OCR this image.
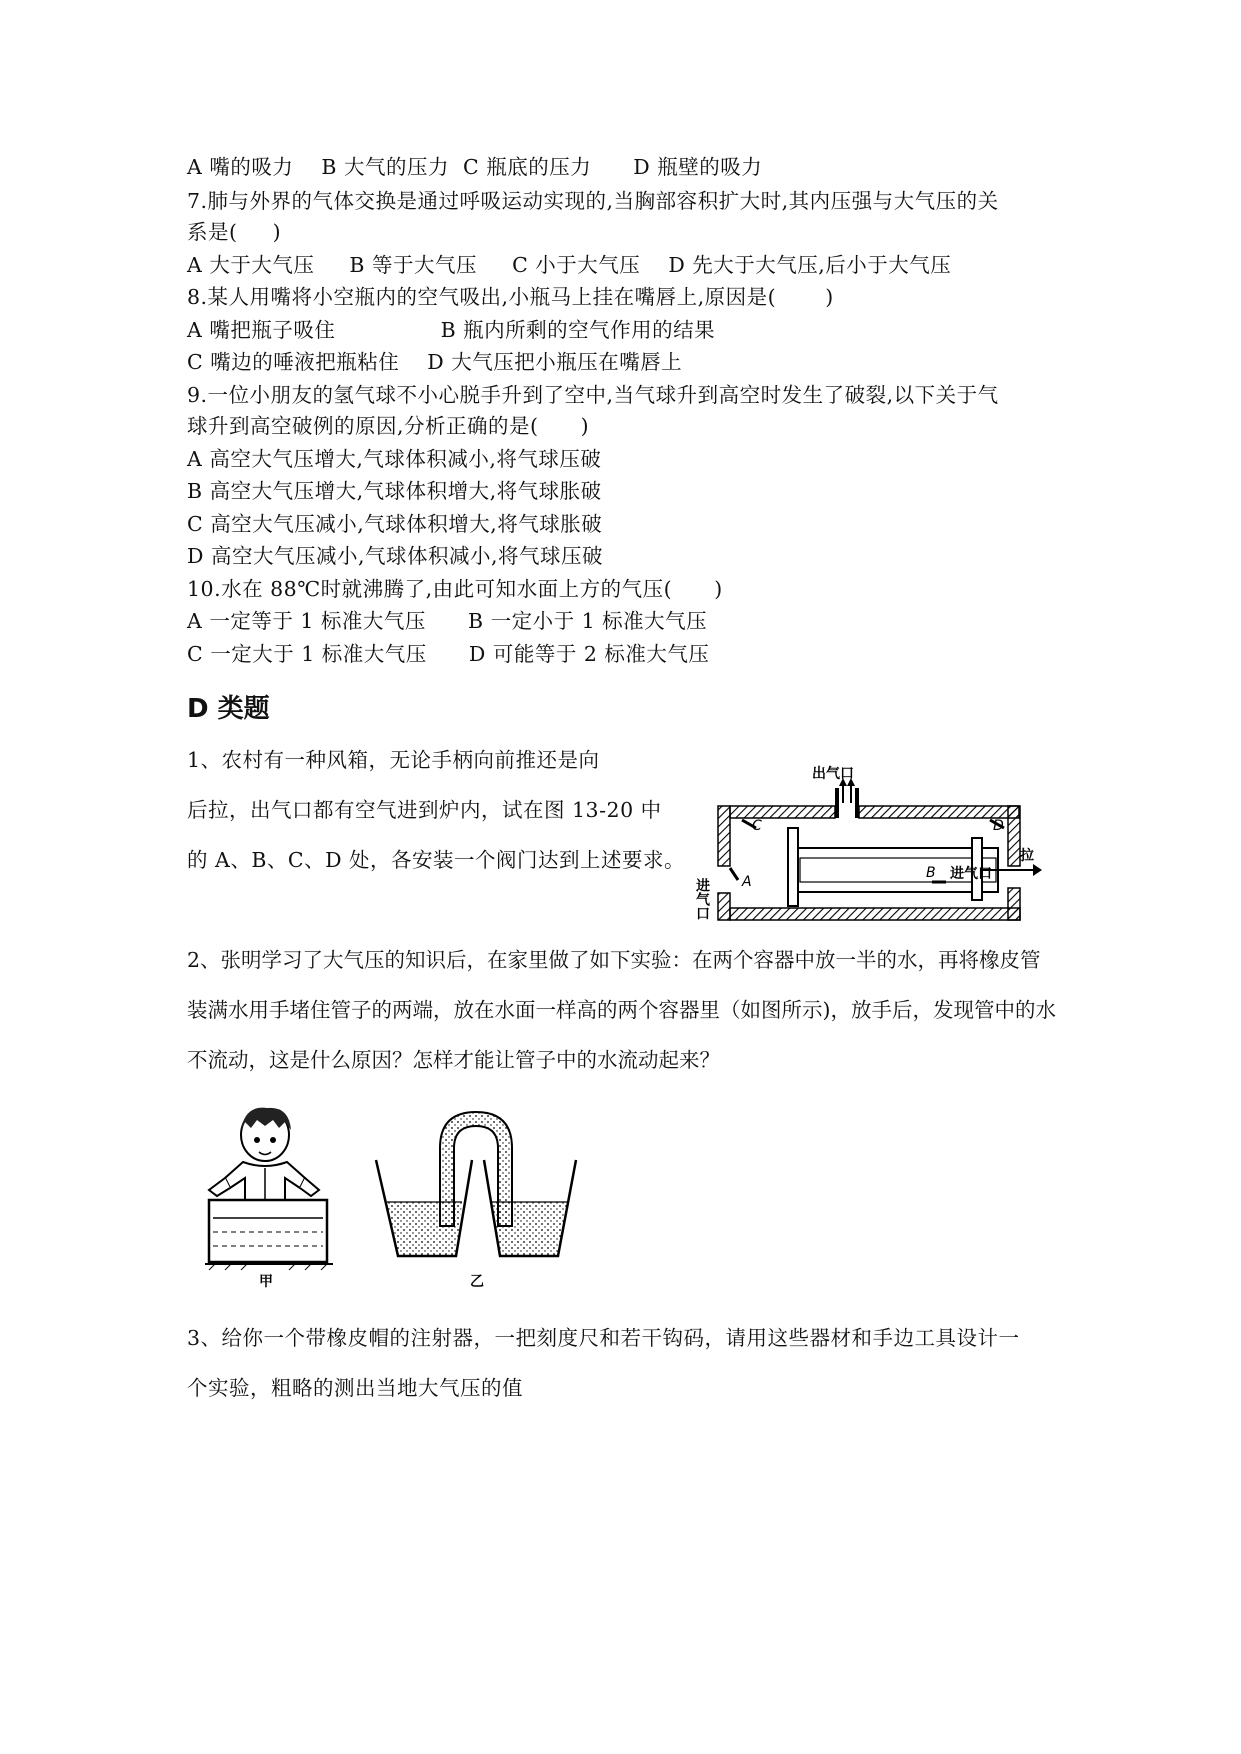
A 嘴的吸力    B 大气的压力  C 瓶底的压力      D 瓶壁的吸力
7.肺与外界的气体交换是通过呼吸运动实现的,当胸部容积扩大时,其内压强与大气压的关
系是(     )
A 大于大气压     B 等于大气压     C 小于大气压    D 先大于大气压,后小于大气压
8.某人用嘴将小空瓶内的空气吸出,小瓶马上挂在嘴唇上,原因是(       )
A 嘴把瓶子吸住               B 瓶内所剩的空气作用的结果
C 嘴边的唾液把瓶粘住    D 大气压把小瓶压在嘴唇上
9.一位小朋友的氢气球不小心脱手升到了空中,当气球升到高空时发生了破裂,以下关于气
球升到高空破例的原因,分析正确的是(      )
A 高空大气压增大,气球体积减小,将气球压破
B 高空大气压增大,气球体积增大,将气球胀破
C 高空大气压减小,气球体积增大,将气球胀破
D 高空大气压减小,气球体积减小,将气球压破
10.水在 88℃时就沸腾了,由此可知水面上方的气压(      )
A 一定等于 1 标准大气压      B 一定小于 1 标准大气压
C 一定大于 1 标准大气压      D 可能等于 2 标准大气压
D 类题
1、农村有一种风箱，无论手柄向前推还是向
后拉，出气口都有空气进到炉内，试在图 13-20 中
的 A、B、C、D 处，各安装一个阀门达到上述要求。
出气口
C	D
A
B 进气口
拉
进气口
2、张明学习了大气压的知识后，在家里做了如下实验：在两个容器中放一半的水，再将橡皮管装满水用手堵住管子的两端，放在水面一样高的两个容器里（如图所示)，放手后，发现管中的水不流动，这是什么原因？怎样才能让管子中的水流动起来？
甲	乙
3、给你一个带橡皮帽的注射器，一把刻度尺和若干钩码，请用这些器材和手边工具设计一
个实验，粗略的测出当地大气压的值
